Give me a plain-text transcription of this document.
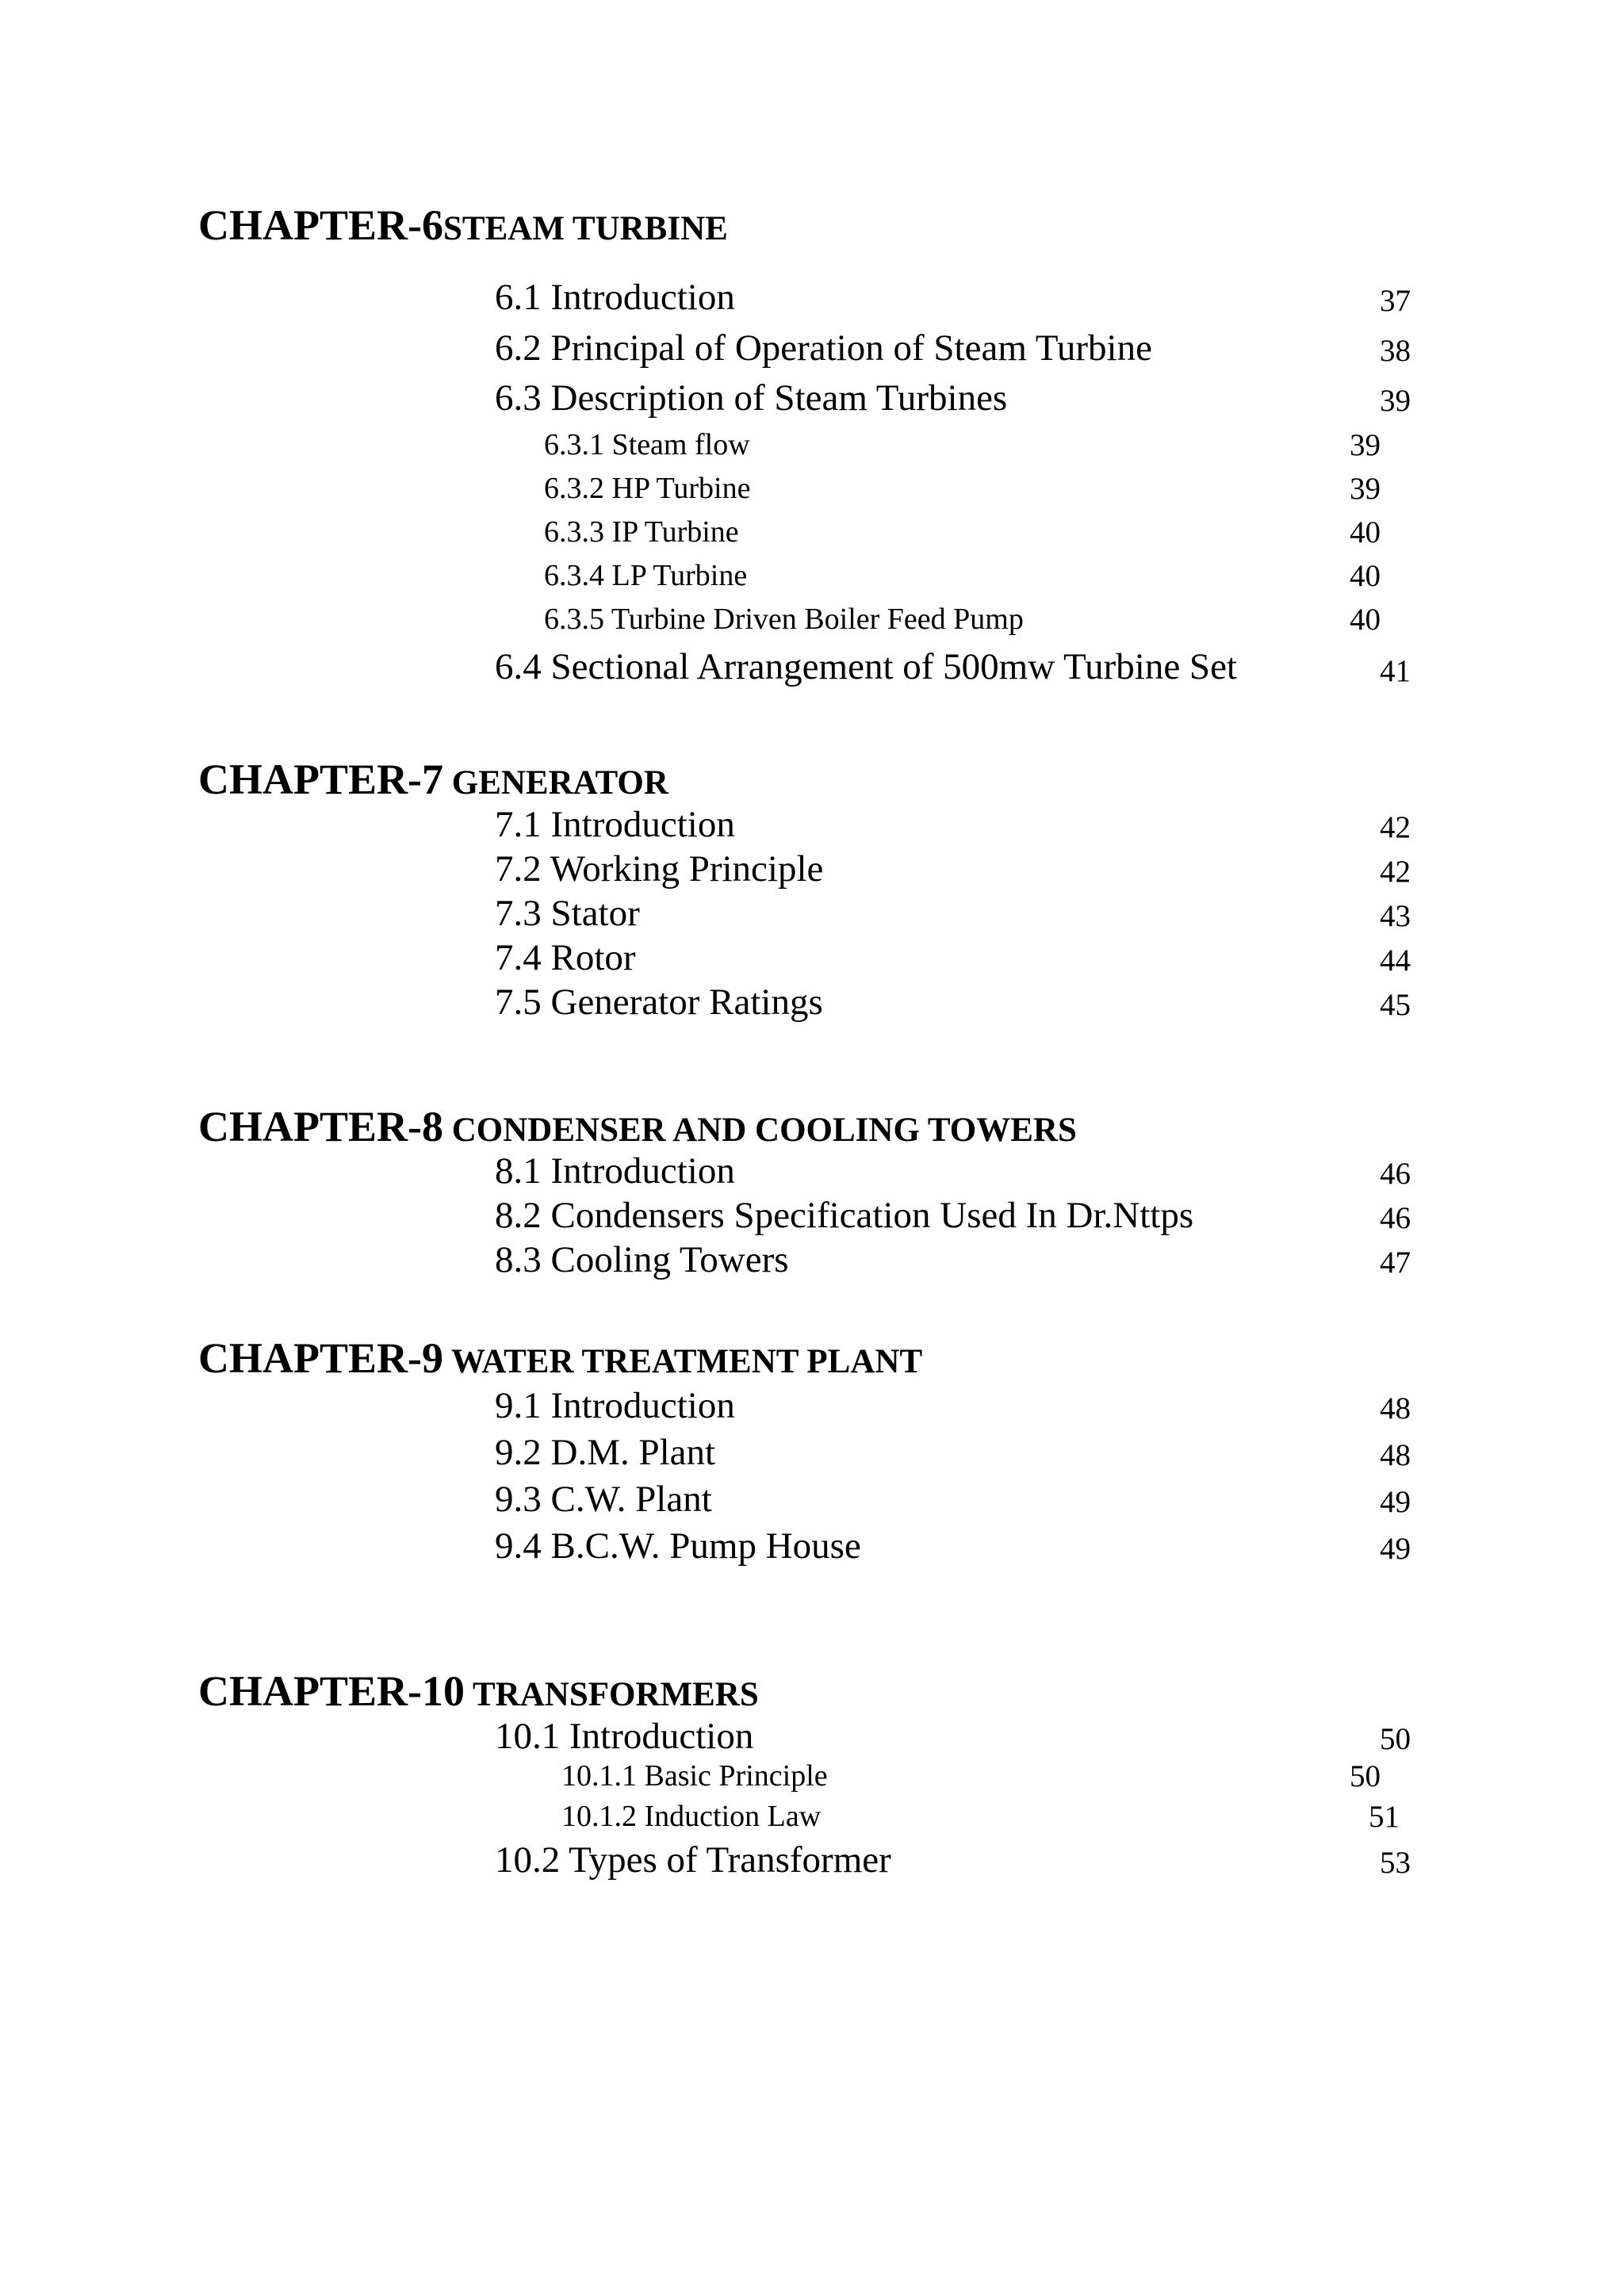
CHAPTER-6STEAM TURBINE
6.1 Introduction	37
6.2 Principal of Operation of Steam Turbine	38
6.3 Description of Steam Turbines	39
6.3.1 Steam flow	39
6.3.2 HP Turbine	39
6.3.3 IP Turbine	40
6.3.4 LP Turbine	40
6.3.5 Turbine Driven Boiler Feed Pump	40
6.4 Sectional Arrangement of 500mw Turbine Set	41
CHAPTER-7 GENERATOR
7.1 Introduction	42
7.2 Working Principle	42
7.3 Stator	43
7.4 Rotor	44
7.5 Generator Ratings	45
CHAPTER-8 CONDENSER AND COOLING TOWERS
8.1 Introduction	46
8.2 Condensers Specification Used In Dr.Nttps	46
8.3 Cooling Towers	47
CHAPTER-9 WATER TREATMENT PLANT
9.1 Introduction	48
9.2 D.M. Plant	48
9.3 C.W. Plant	49
9.4 B.C.W. Pump House	49
CHAPTER-10 TRANSFORMERS
10.1 Introduction	50
10.1.1 Basic Principle	50
10.1.2 Induction Law	51
10.2 Types of Transformer	53
